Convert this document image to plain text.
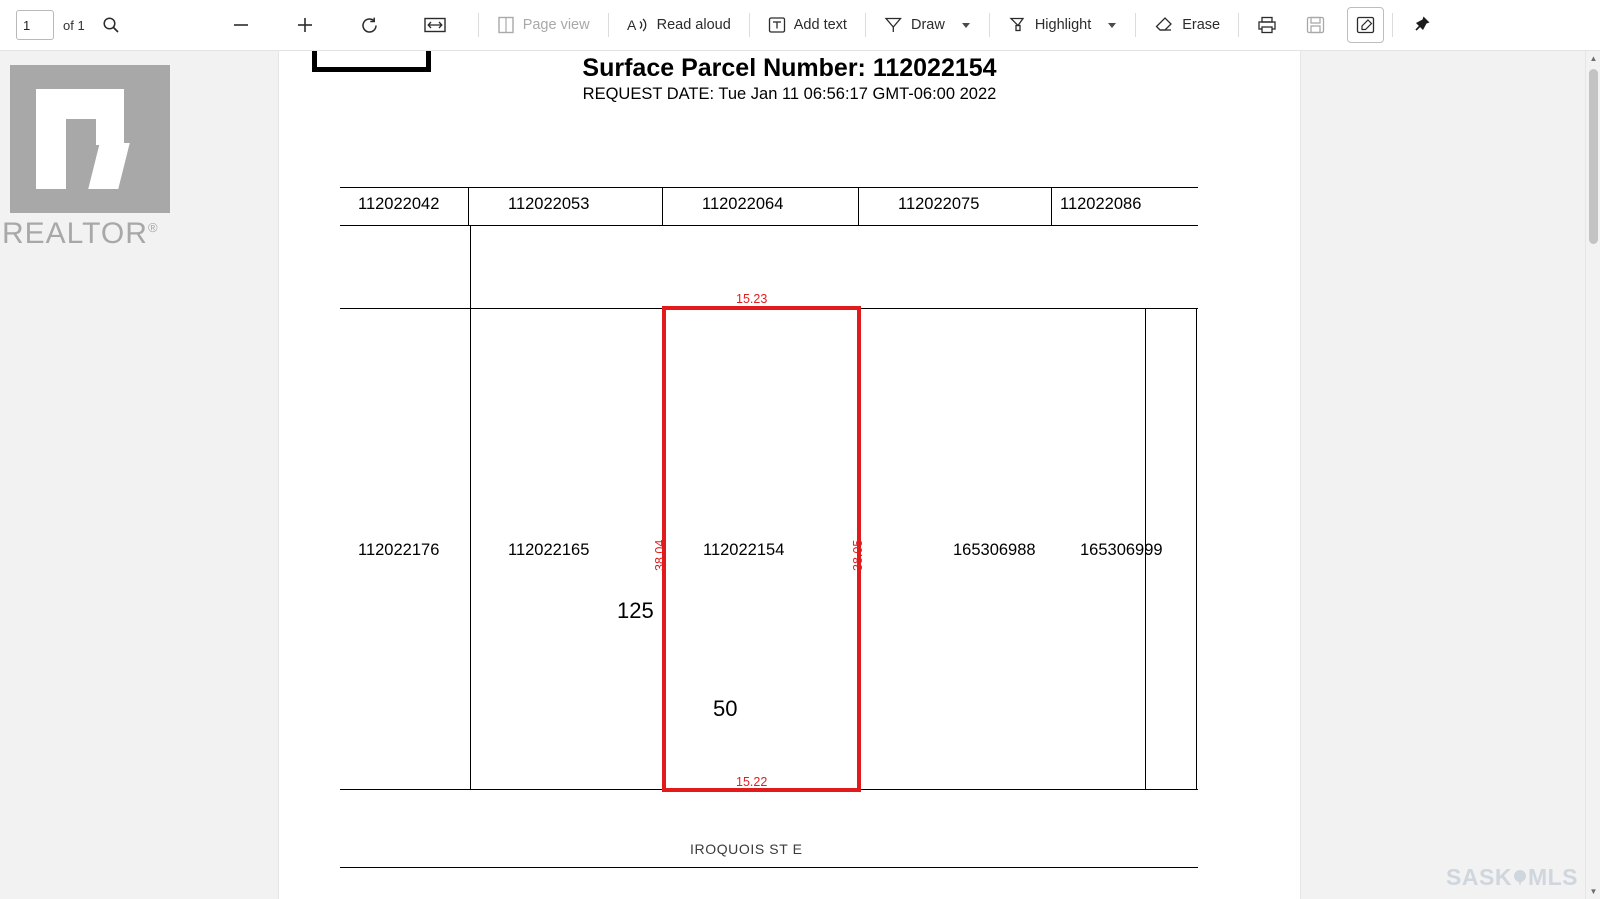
1	of 1	Page view	A Read aloud	Add text	Draw	Highlight	Erase
Surface Parcel Number: 112022154
REQUEST DATE: Tue Jan 11 06:56:17 GMT-06:00 2022
112022042	112022053	112022064	112022075	112022086
112022176	112022165	112022154	165306988	165306999
125
50
15.23
15.22
38.04	38.05
IROQUOIS ST E
REALTOR®
SASK MLS
▲
▼
